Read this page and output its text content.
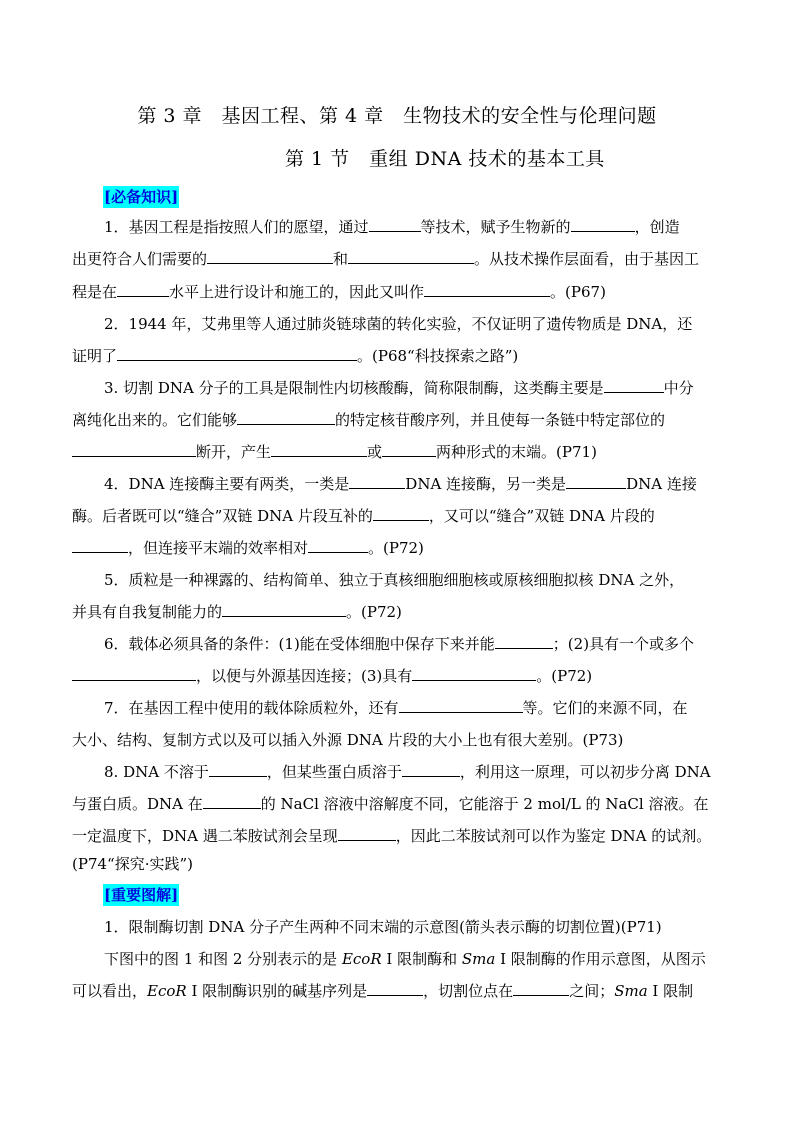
第 3 章　基因工程、第 4 章　生物技术的安全性与伦理问题
第 1 节　重组 DNA 技术的基本工具
[必备知识]
1．基因工程是指按照人们的愿望，通过	等技术，赋予生物新的	，创造
出更符合人们需要的	和	。从技术操作层面看，由于基因工
程是在	水平上进行设计和施工的，因此又叫作	。(P67)
2．1944 年，艾弗里等人通过肺炎链球菌的转化实验，不仅证明了遗传物质是 DNA，还
证明了	。(P68“科技探索之路”)
3. 切割 DNA 分子的工具是限制性内切核酸酶，简称限制酶，这类酶主要是	中分
离纯化出来的。它们能够	的特定核苷酸序列，并且使每一条链中特定部位的
断开，产生	或	两种形式的末端。(P71)
4．DNA 连接酶主要有两类，一类是	DNA 连接酶，另一类是	DNA 连接
酶。后者既可以“缝合”双链 DNA 片段互补的	，又可以“缝合”双链 DNA 片段的
，但连接平末端的效率相对	。(P72)
5．质粒是一种裸露的、结构简单、独立于真核细胞细胞核或原核细胞拟核 DNA 之外，
并具有自我复制能力的	。(P72)
6．载体必须具备的条件：(1)能在受体细胞中保存下来并能	；(2)具有一个或多个
，以便与外源基因连接；(3)具有	。(P72)
7．在基因工程中使用的载体除质粒外，还有	等。它们的来源不同，在
大小、结构、复制方式以及可以插入外源 DNA 片段的大小上也有很大差别。(P73)
8. DNA 不溶于	，但某些蛋白质溶于	，利用这一原理，可以初步分离 DNA
与蛋白质。DNA 在	的 NaCl 溶液中溶解度不同，它能溶于 2 mol/L 的 NaCl 溶液。在
一定温度下，DNA 遇二苯胺试剂会呈现	，因此二苯胺试剂可以作为鉴定 DNA 的试剂。
(P74“探究·实践”)
[重要图解]
1．限制酶切割 DNA 分子产生两种不同末端的示意图(箭头表示酶的切割位置)(P71)
下图中的图 1 和图 2 分别表示的是 EcoR I 限制酶和 Sma I 限制酶的作用示意图，从图示
可以看出，EcoR I 限制酶识别的碱基序列是	，切割位点在	之间；Sma I 限制
